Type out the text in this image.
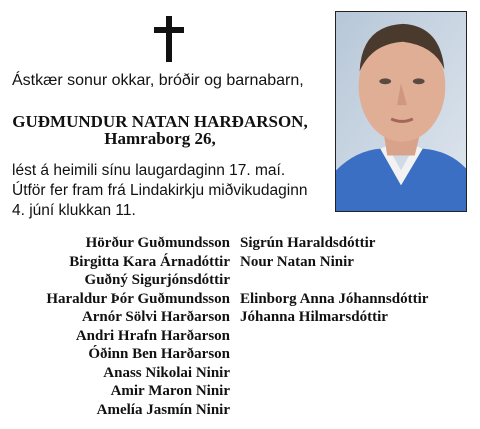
Ástkær sonur okkar, bróðir og barnabarn,
GUÐMUNDUR NATAN HARÐARSON,
Hamraborg 26,
lést á heimili sínu laugardaginn 17. maí.
Útför fer fram frá Lindakirkju miðvikudaginn
4. júní klukkan 11.
Hörður Guðmundsson
Birgitta Kara Árnadóttir
Guðný Sigurjónsdóttir
Haraldur Þór Guðmundsson
Arnór Sölvi Harðarson
Andri Hrafn Harðarson
Óðinn Ben Harðarson
Anass Nikolai Ninir
Amir Maron Ninir
Amelía Jasmín Ninir
Sigrún Haraldsdóttir
Nour Natan Ninir
Elinborg Anna Jóhannsdóttir
Jóhanna Hilmarsdóttir
